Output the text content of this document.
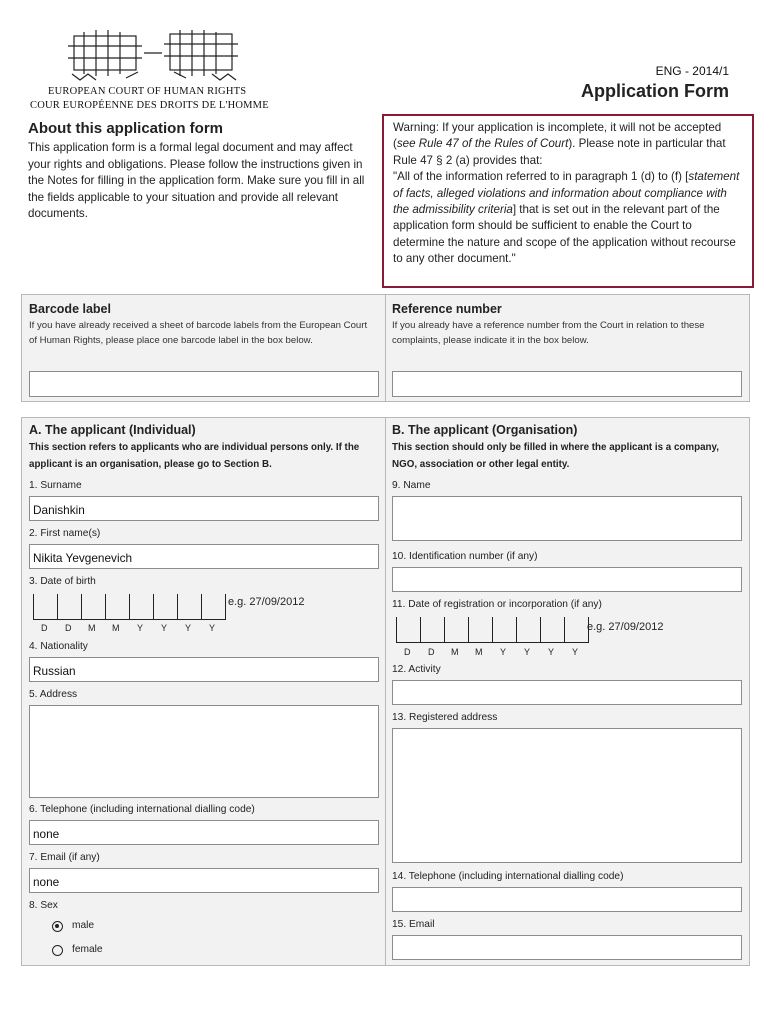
EUROPEAN COURT OF HUMAN RIGHTS
COUR EUROPÉENNE DES DROITS DE L'HOMME
ENG - 2014/1
Application Form
About this application form
This application form is a formal legal document and may affect your rights and obligations. Please follow the instructions given in the Notes for filling in the application form. Make sure you fill in all the fields applicable to your situation and provide all relevant documents.
Warning: If your application is incomplete, it will not be accepted (see Rule 47 of the Rules of Court). Please note in particular that Rule 47 § 2 (a) provides that:
"All of the information referred to in paragraph 1 (d) to (f) [statement of facts, alleged violations and information about compliance with the admissibility criteria] that is set out in the relevant part of the application form should be sufficient to enable the Court to determine the nature and scope of the application without recourse to any other document."
Barcode label
If you have already received a sheet of barcode labels from the European Court of Human Rights, please place one barcode label in the box below.
Reference number
If you already have a reference number from the Court in relation to these complaints, please indicate it in the box below.
A. The applicant (Individual)
This section refers to applicants who are individual persons only. If the applicant is an organisation, please go to Section B.
1. Surname
Danishkin
2. First name(s)
Nikita Yevgenevich
3. Date of birth
e.g. 27/09/2012
D D M M Y Y Y Y
4. Nationality
Russian
5. Address
6. Telephone (including international dialling code)
none
7. Email (if any)
none
8. Sex
male
female
B. The applicant (Organisation)
This section should only be filled in where the applicant is a company, NGO, association or other legal entity.
9. Name
10. Identification number (if any)
11. Date of registration or incorporation (if any)
e.g. 27/09/2012
D D M M Y Y Y Y
12. Activity
13. Registered address
14. Telephone (including international dialling code)
15. Email
